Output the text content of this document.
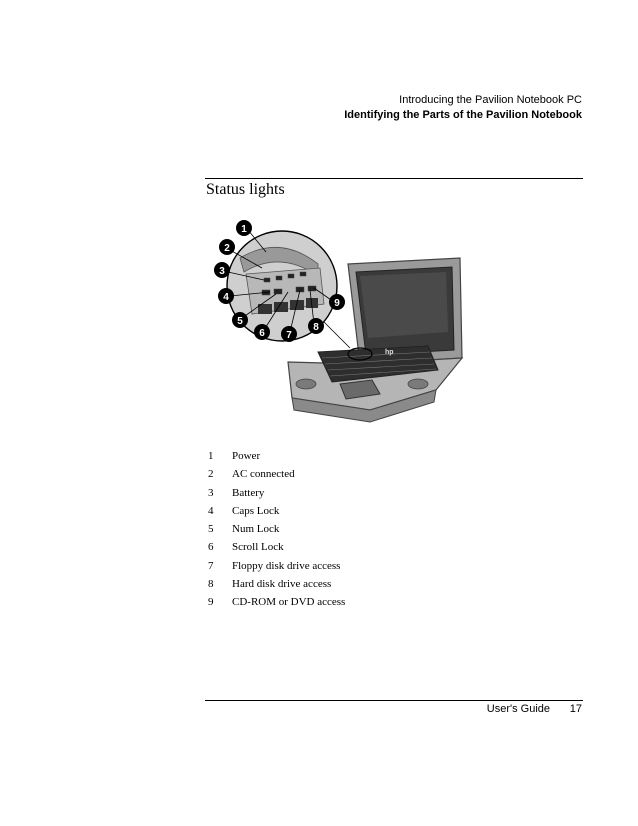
Introducing the Pavilion Notebook PC
Identifying the Parts of the Pavilion Notebook
Status lights
hp
1
2
3
4
5
6 7
8
9
1	Power
2	AC connected
3	Battery
4	Caps Lock
5	Num Lock
6	Scroll Lock
7	Floppy disk drive access
8	Hard disk drive access
9	CD-ROM or DVD access
User's Guide 17
